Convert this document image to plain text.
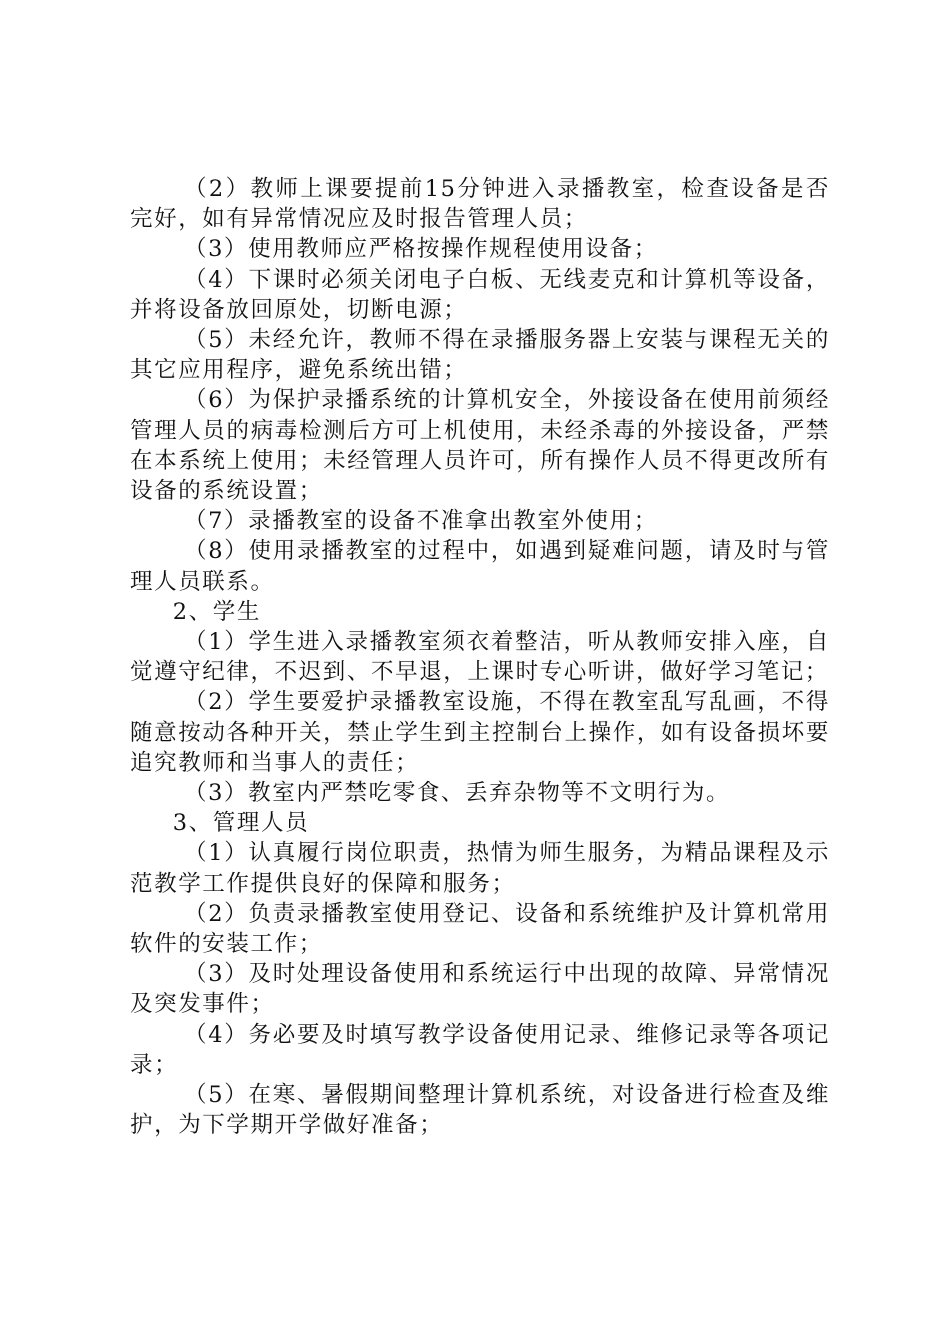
（2）教师上课要提前15分钟进入录播教室，检查设备是否完好，如有异常情况应及时报告管理人员；

（3）使用教师应严格按操作规程使用设备；

（4）下课时必须关闭电子白板、无线麦克和计算机等设备，并将设备放回原处，切断电源；

（5）未经允许，教师不得在录播服务器上安装与课程无关的其它应用程序，避免系统出错；

（6）为保护录播系统的计算机安全，外接设备在使用前须经管理人员的病毒检测后方可上机使用，未经杀毒的外接设备，严禁在本系统上使用；未经管理人员许可，所有操作人员不得更改所有设备的系统设置；

（7）录播教室的设备不准拿出教室外使用；

（8）使用录播教室的过程中，如遇到疑难问题，请及时与管理人员联系。

2、学生

（1）学生进入录播教室须衣着整洁，听从教师安排入座，自觉遵守纪律，不迟到、不早退，上课时专心听讲，做好学习笔记；

（2）学生要爱护录播教室设施，不得在教室乱写乱画，不得随意按动各种开关，禁止学生到主控制台上操作，如有设备损坏要追究教师和当事人的责任；

（3）教室内严禁吃零食、丢弃杂物等不文明行为。

3、管理人员

（1）认真履行岗位职责，热情为师生服务，为精品课程及示范教学工作提供良好的保障和服务；

（2）负责录播教室使用登记、设备和系统维护及计算机常用软件的安装工作；

（3）及时处理设备使用和系统运行中出现的故障、异常情况及突发事件；

（4）务必要及时填写教学设备使用记录、维修记录等各项记录；

（5）在寒、暑假期间整理计算机系统，对设备进行检查及维护，为下学期开学做好准备；
